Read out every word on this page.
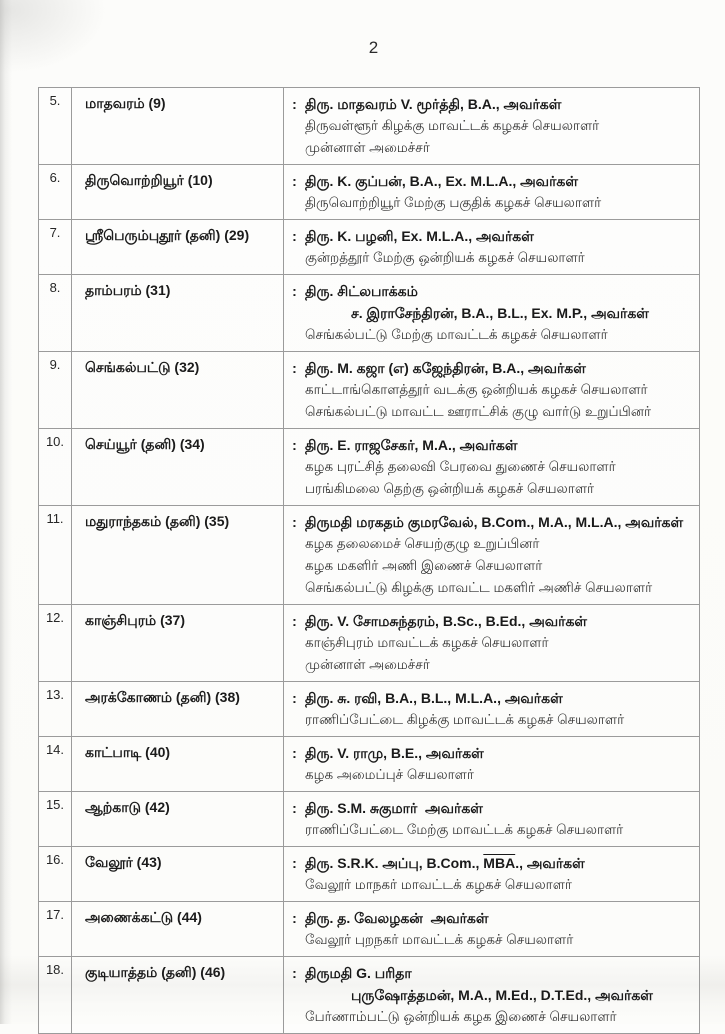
2
5.	மாதவரம் (9)	: திரு. மாதவரம் V. மூர்த்தி, B.A., அவர்கள்
திருவள்ளூர் கிழக்கு மாவட்டக் கழகச் செயலாளர்
முன்னாள் அமைச்சர்
6.	திருவொற்றியூர் (10)	: திரு. K. குப்பன், B.A., Ex. M.L.A., அவர்கள்
திருவொற்றியூர் மேற்கு பகுதிக் கழகச் செயலாளர்
7.	ஸ்ரீபெரும்புதூர் (தனி) (29)	: திரு. K. பழனி, Ex. M.L.A., அவர்கள்
குன்றத்தூர் மேற்கு ஒன்றியக் கழகச் செயலாளர்
8.	தாம்பரம் (31)	: திரு. சிட்லபாக்கம்
ச. இராசேந்திரன், B.A., B.L., Ex. M.P., அவர்கள்
செங்கல்பட்டு மேற்கு மாவட்டக் கழகச் செயலாளர்
9.	செங்கல்பட்டு (32)	: திரு. M. கஜா (எ) கஜேந்திரன், B.A., அவர்கள்
காட்டாங்கொளத்தூர் வடக்கு ஒன்றியக் கழகச் செயலாளர்
செங்கல்பட்டு மாவட்ட ஊராட்சிக் குழு வார்டு உறுப்பினர்
10.	செய்யூர் (தனி) (34)	: திரு. E. ராஜசேகர், M.A., அவர்கள்
கழக புரட்சித் தலைவி பேரவை துணைச் செயலாளர்
பரங்கிமலை தெற்கு ஒன்றியக் கழகச் செயலாளர்
11.	மதுராந்தகம் (தனி) (35)	: திருமதி மரகதம் குமரவேல், B.Com., M.A., M.L.A., அவர்கள்
கழக தலைமைச் செயற்குழு உறுப்பினர்
கழக மகளிர் அணி இணைச் செயலாளர்
செங்கல்பட்டு கிழக்கு மாவட்ட மகளிர் அணிச் செயலாளர்
12.	காஞ்சிபுரம் (37)	: திரு. V. சோமசுந்தரம், B.Sc., B.Ed., அவர்கள்
காஞ்சிபுரம் மாவட்டக் கழகச் செயலாளர்
முன்னாள் அமைச்சர்
13.	அரக்கோணம் (தனி) (38)	: திரு. சு. ரவி, B.A., B.L., M.L.A., அவர்கள்
ராணிப்பேட்டை கிழக்கு மாவட்டக் கழகச் செயலாளர்
14.	காட்பாடி (40)	: திரு. V. ராமு, B.E., அவர்கள்
கழக அமைப்புச் செயலாளர்
15.	ஆற்காடு (42)	: திரு. S.M. சுகுமார்  அவர்கள்
ராணிப்பேட்டை மேற்கு மாவட்டக் கழகச் செயலாளர்
16.	வேலூர் (43)	: திரு. S.R.K. அப்பு, B.Com., $\overline{MBA}$., அவர்கள்
வேலூர் மாநகர் மாவட்டக் கழகச் செயலாளர்
17.	அணைக்கட்டு (44)	: திரு. த. வேலழகன்  அவர்கள்
வேலூர் புறநகர் மாவட்டக் கழகச் செயலாளர்
18.	குடியாத்தம் (தனி) (46)	: திருமதி G. பரிதா
புருஷோத்தமன், M.A., M.Ed., D.T.Ed., அவர்கள்
பேர்ணாம்பட்டு ஒன்றியக் கழக இணைச் செயலாளர்
